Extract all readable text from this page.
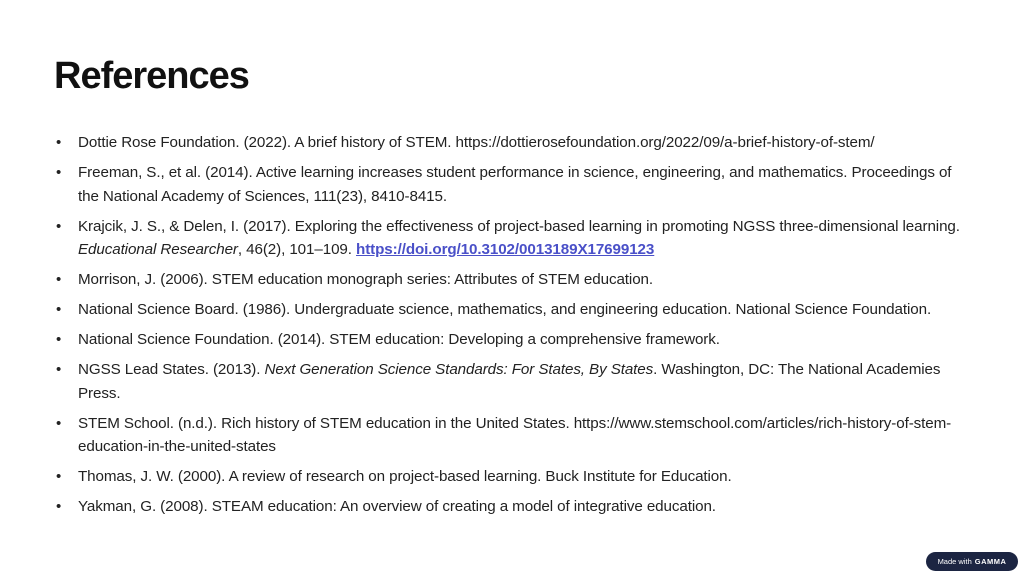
References
• Dottie Rose Foundation. (2022). A brief history of STEM. https://dottierosefoundation.org/2022/09/a-brief-history-of-stem/
• Freeman, S., et al. (2014). Active learning increases student performance in science, engineering, and mathematics. Proceedings of the National Academy of Sciences, 111(23), 8410-8415.
• Krajcik, J. S., & Delen, I. (2017). Exploring the effectiveness of project-based learning in promoting NGSS three-dimensional learning. Educational Researcher, 46(2), 101–109. https://doi.org/10.3102/0013189X17699123
• Morrison, J. (2006). STEM education monograph series: Attributes of STEM education.
• National Science Board. (1986). Undergraduate science, mathematics, and engineering education. National Science Foundation.
• National Science Foundation. (2014). STEM education: Developing a comprehensive framework.
• NGSS Lead States. (2013). Next Generation Science Standards: For States, By States. Washington, DC: The National Academies Press.
• STEM School. (n.d.). Rich history of STEM education in the United States. https://www.stemschool.com/articles/rich-history-of-stem-education-in-the-united-states
• Thomas, J. W. (2000). A review of research on project-based learning. Buck Institute for Education.
• Yakman, G. (2008). STEAM education: An overview of creating a model of integrative education.
Made with GAMMA
